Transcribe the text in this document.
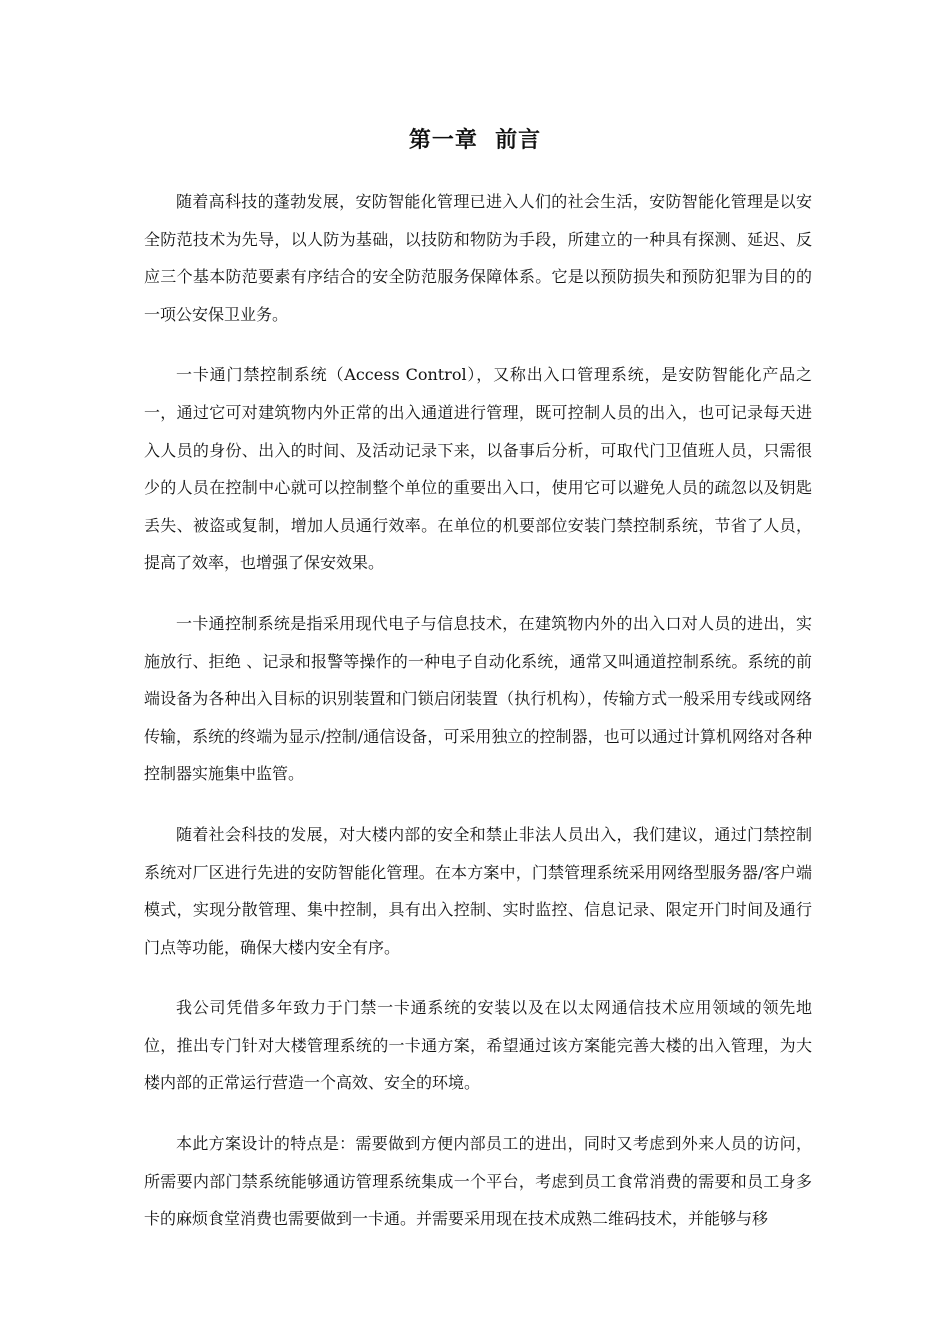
第一章  前言

随着高科技的蓬勃发展，安防智能化管理已进入人们的社会生活，安防智能化管理是以安全防范技术为先导，以人防为基础，以技防和物防为手段，所建立的一种具有探测、延迟、反应三个基本防范要素有序结合的安全防范服务保障体系。它是以预防损失和预防犯罪为目的的一项公安保卫业务。

一卡通门禁控制系统（Access Control），又称出入口管理系统，是安防智能化产品之一，通过它可对建筑物内外正常的出入通道进行管理，既可控制人员的出入，也可记录每天进入人员的身份、出入的时间、及活动记录下来，以备事后分析，可取代门卫值班人员，只需很少的人员在控制中心就可以控制整个单位的重要出入口，使用它可以避免人员的疏忽以及钥匙丢失、被盗或复制，增加人员通行效率。在单位的机要部位安装门禁控制系统，节省了人员，提高了效率，也增强了保安效果。

一卡通控制系统是指采用现代电子与信息技术，在建筑物内外的出入口对人员的进出，实施放行、拒绝 、记录和报警等操作的一种电子自动化系统，通常又叫通道控制系统。系统的前端设备为各种出入目标的识别装置和门锁启闭装置（执行机构），传输方式一般采用专线或网络传输，系统的终端为显示/控制/通信设备，可采用独立的控制器，也可以通过计算机网络对各种控制器实施集中监管。

随着社会科技的发展，对大楼内部的安全和禁止非法人员出入，我们建议，通过门禁控制系统对厂区进行先进的安防智能化管理。在本方案中，门禁管理系统采用网络型服务器/客户端模式，实现分散管理、集中控制，具有出入控制、实时监控、信息记录、限定开门时间及通行门点等功能，确保大楼内安全有序。

我公司凭借多年致力于门禁一卡通系统的安装以及在以太网通信技术应用领域的领先地位，推出专门针对大楼管理系统的一卡通方案，希望通过该方案能完善大楼的出入管理，为大楼内部的正常运行营造一个高效、安全的环境。

本此方案设计的特点是：需要做到方便内部员工的进出，同时又考虑到外来人员的访问，所需要内部门禁系统能够通访管理系统集成一个平台，考虑到员工食常消费的需要和员工身多卡的麻烦食堂消费也需要做到一卡通。并需要采用现在技术成熟二维码技术，并能够与移
